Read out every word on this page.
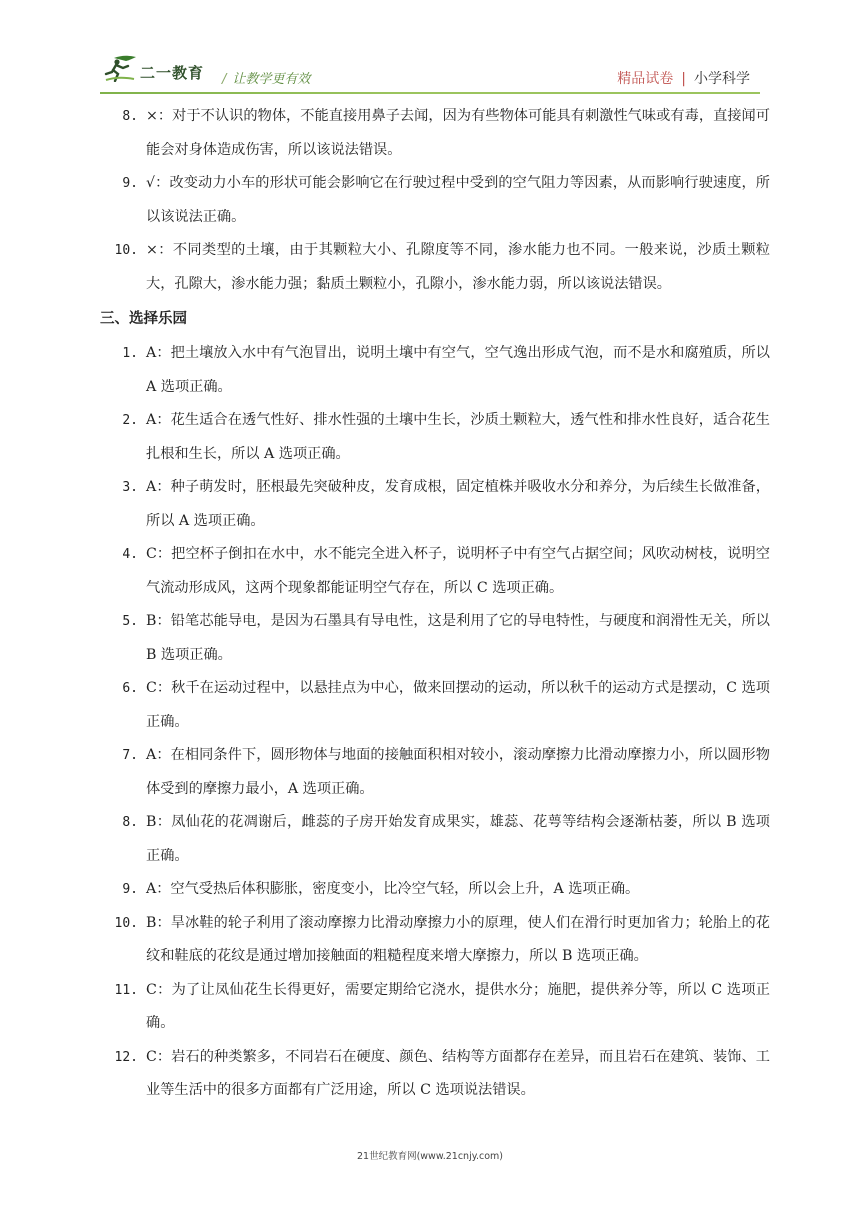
二一教育 / 让教学更有效	精品试卷 | 小学科学
8. ×：对于不认识的物体，不能直接用鼻子去闻，因为有些物体可能具有刺激性气味或有毒，直接闻可能会对身体造成伤害，所以该说法错误。
9. √：改变动力小车的形状可能会影响它在行驶过程中受到的空气阻力等因素，从而影响行驶速度，所以该说法正确。
10. ×：不同类型的土壤，由于其颗粒大小、孔隙度等不同，渗水能力也不同。一般来说，沙质土颗粒大，孔隙大，渗水能力强；黏质土颗粒小，孔隙小，渗水能力弱，所以该说法错误。
三、选择乐园
1. A：把土壤放入水中有气泡冒出，说明土壤中有空气，空气逸出形成气泡，而不是水和腐殖质，所以 A 选项正确。
2. A：花生适合在透气性好、排水性强的土壤中生长，沙质土颗粒大，透气性和排水性良好，适合花生扎根和生长，所以 A 选项正确。
3. A：种子萌发时，胚根最先突破种皮，发育成根，固定植株并吸收水分和养分，为后续生长做准备，所以 A 选项正确。
4. C：把空杯子倒扣在水中，水不能完全进入杯子，说明杯子中有空气占据空间；风吹动树枝，说明空气流动形成风，这两个现象都能证明空气存在，所以 C 选项正确。
5. B：铅笔芯能导电，是因为石墨具有导电性，这是利用了它的导电特性，与硬度和润滑性无关，所以 B 选项正确。
6. C：秋千在运动过程中，以悬挂点为中心，做来回摆动的运动，所以秋千的运动方式是摆动，C 选项正确。
7. A：在相同条件下，圆形物体与地面的接触面积相对较小，滚动摩擦力比滑动摩擦力小，所以圆形物体受到的摩擦力最小，A 选项正确。
8. B：凤仙花的花凋谢后，雌蕊的子房开始发育成果实，雄蕊、花萼等结构会逐渐枯萎，所以 B 选项正确。
9. A：空气受热后体积膨胀，密度变小，比冷空气轻，所以会上升，A 选项正确。
10. B：旱冰鞋的轮子利用了滚动摩擦力比滑动摩擦力小的原理，使人们在滑行时更加省力；轮胎上的花纹和鞋底的花纹是通过增加接触面的粗糙程度来增大摩擦力，所以 B 选项正确。
11. C：为了让凤仙花生长得更好，需要定期给它浇水，提供水分；施肥，提供养分等，所以 C 选项正确。
12. C：岩石的种类繁多，不同岩石在硬度、颜色、结构等方面都存在差异，而且岩石在建筑、装饰、工业等生活中的很多方面都有广泛用途，所以 C 选项说法错误。
21世纪教育网(www.21cnjy.com)
